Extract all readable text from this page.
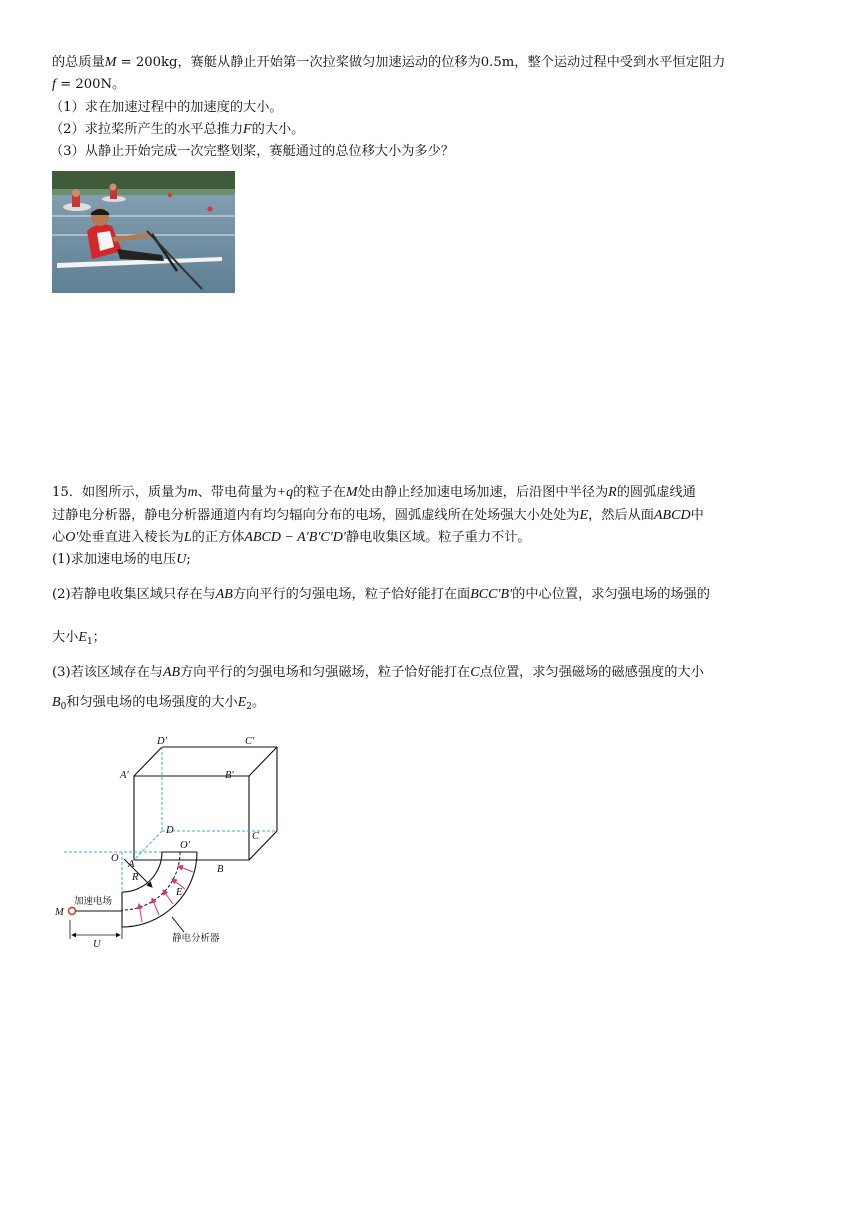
的总质量M = 200kg，赛艇从静止开始第一次拉桨做匀加速运动的位移为0.5m，整个运动过程中受到水平恒定阻力
f = 200N。
（1）求在加速过程中的加速度的大小。
（2）求拉桨所产生的水平总推力F的大小。
（3）从静止开始完成一次完整划桨，赛艇通过的总位移大小为多少？
15．如图所示，质量为m、带电荷量为+q的粒子在M处由静止经加速电场加速，后沿图中半径为R的圆弧虚线通
过静电分析器，静电分析器通道内有均匀辐向分布的电场，圆弧虚线所在处场强大小处处为E，然后从面ABCD中
心O′处垂直进入棱长为L的正方体ABCD − A′B′C′D′静电收集区域。粒子重力不计。
(1)求加速电场的电压U;
(2)若静电收集区域只存在与AB方向平行的匀强电场，粒子恰好能打在面BCC′B′的中心位置，求匀强电场的场强的
大小$E_1$；
(3)若该区域存在与AB方向平行的匀强电场和匀强磁场，粒子恰好能打在C点位置，求匀强磁场的磁感强度的大小
$B_0$和匀强电场的电场强度的大小$E_2$。
D′	C′
A′	B′
D
C
O
O′
A	B
R
E
M
U
加速电场
静电分析器
